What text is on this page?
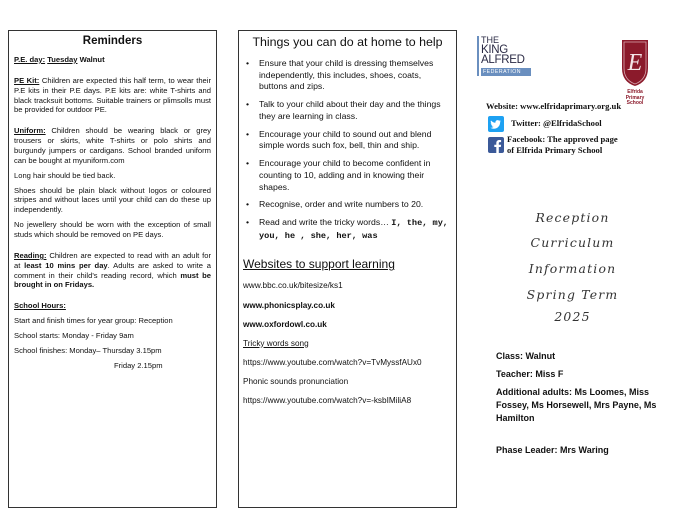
Reminders

P.E. day: Tuesday Walnut

PE Kit: Children are expected this half term, to wear their P.E kits in their P.E days. P.E kits are: white T-shirts and black tracksuit bottoms. Suitable trainers or plimsolls must be provided for outdoor PE.

Uniform: Children should be wearing black or grey trousers or skirts, white T-shirts or polo shirts and burgundy jumpers or cardigans. School branded uniform can be bought at myuniform.com

Long hair should be tied back.

Shoes should be plain black without logos or coloured stripes and without laces until your child can do these up independently.

No jewellery should be worn with the exception of small studs which should be removed on PE days.

Reading: Children are expected to read with an adult for at least 10 mins per day. Adults are asked to write a comment in their child's reading record, which must be brought in on Fridays.

School Hours:

Start and finish times for year group: Reception

School starts: Monday - Friday 9am

School finishes: Monday– Thursday 3.15pm

Friday 2.15pm

Things you can do at home to help
• Ensure that your child is dressing themselves independently, this includes, shoes, coats, buttons and zips.
• Talk to your child about their day and the things they are learning in class.
• Encourage your child to sound out and blend simple words such fox, bell, thin and ship.
• Encourage your child to become confident in counting to 10, adding and in knowing their shapes.
• Recognise, order and write numbers to 20.
• Read and write the tricky words… I, the, my, you, he , she, her, was
Websites to support learning
www.bbc.co.uk/bitesize/ks1
www.phonicsplay.co.uk
www.oxfordowl.co.uk
Tricky words song
https://www.youtube.com/watch?v=TvMyssfAUx0
Phonic sounds pronunciation
https://www.youtube.com/watch?v=-ksbIMiliA8
THE
KING
ALFRED
FEDERATION	E
Elfrida
Primary
School
Website: www.elfridaprimary.org.uk
Twitter: @ElfridaSchool
Facebook: The approved page
of Elfrida Primary School
Reception
Curriculum
Information
Spring Term
2025
Class: Walnut
Teacher: Miss F
Additional adults: Ms Loomes, Miss Fossey, Ms Horsewell, Mrs Payne, Ms Hamilton
Phase Leader: Mrs Waring
